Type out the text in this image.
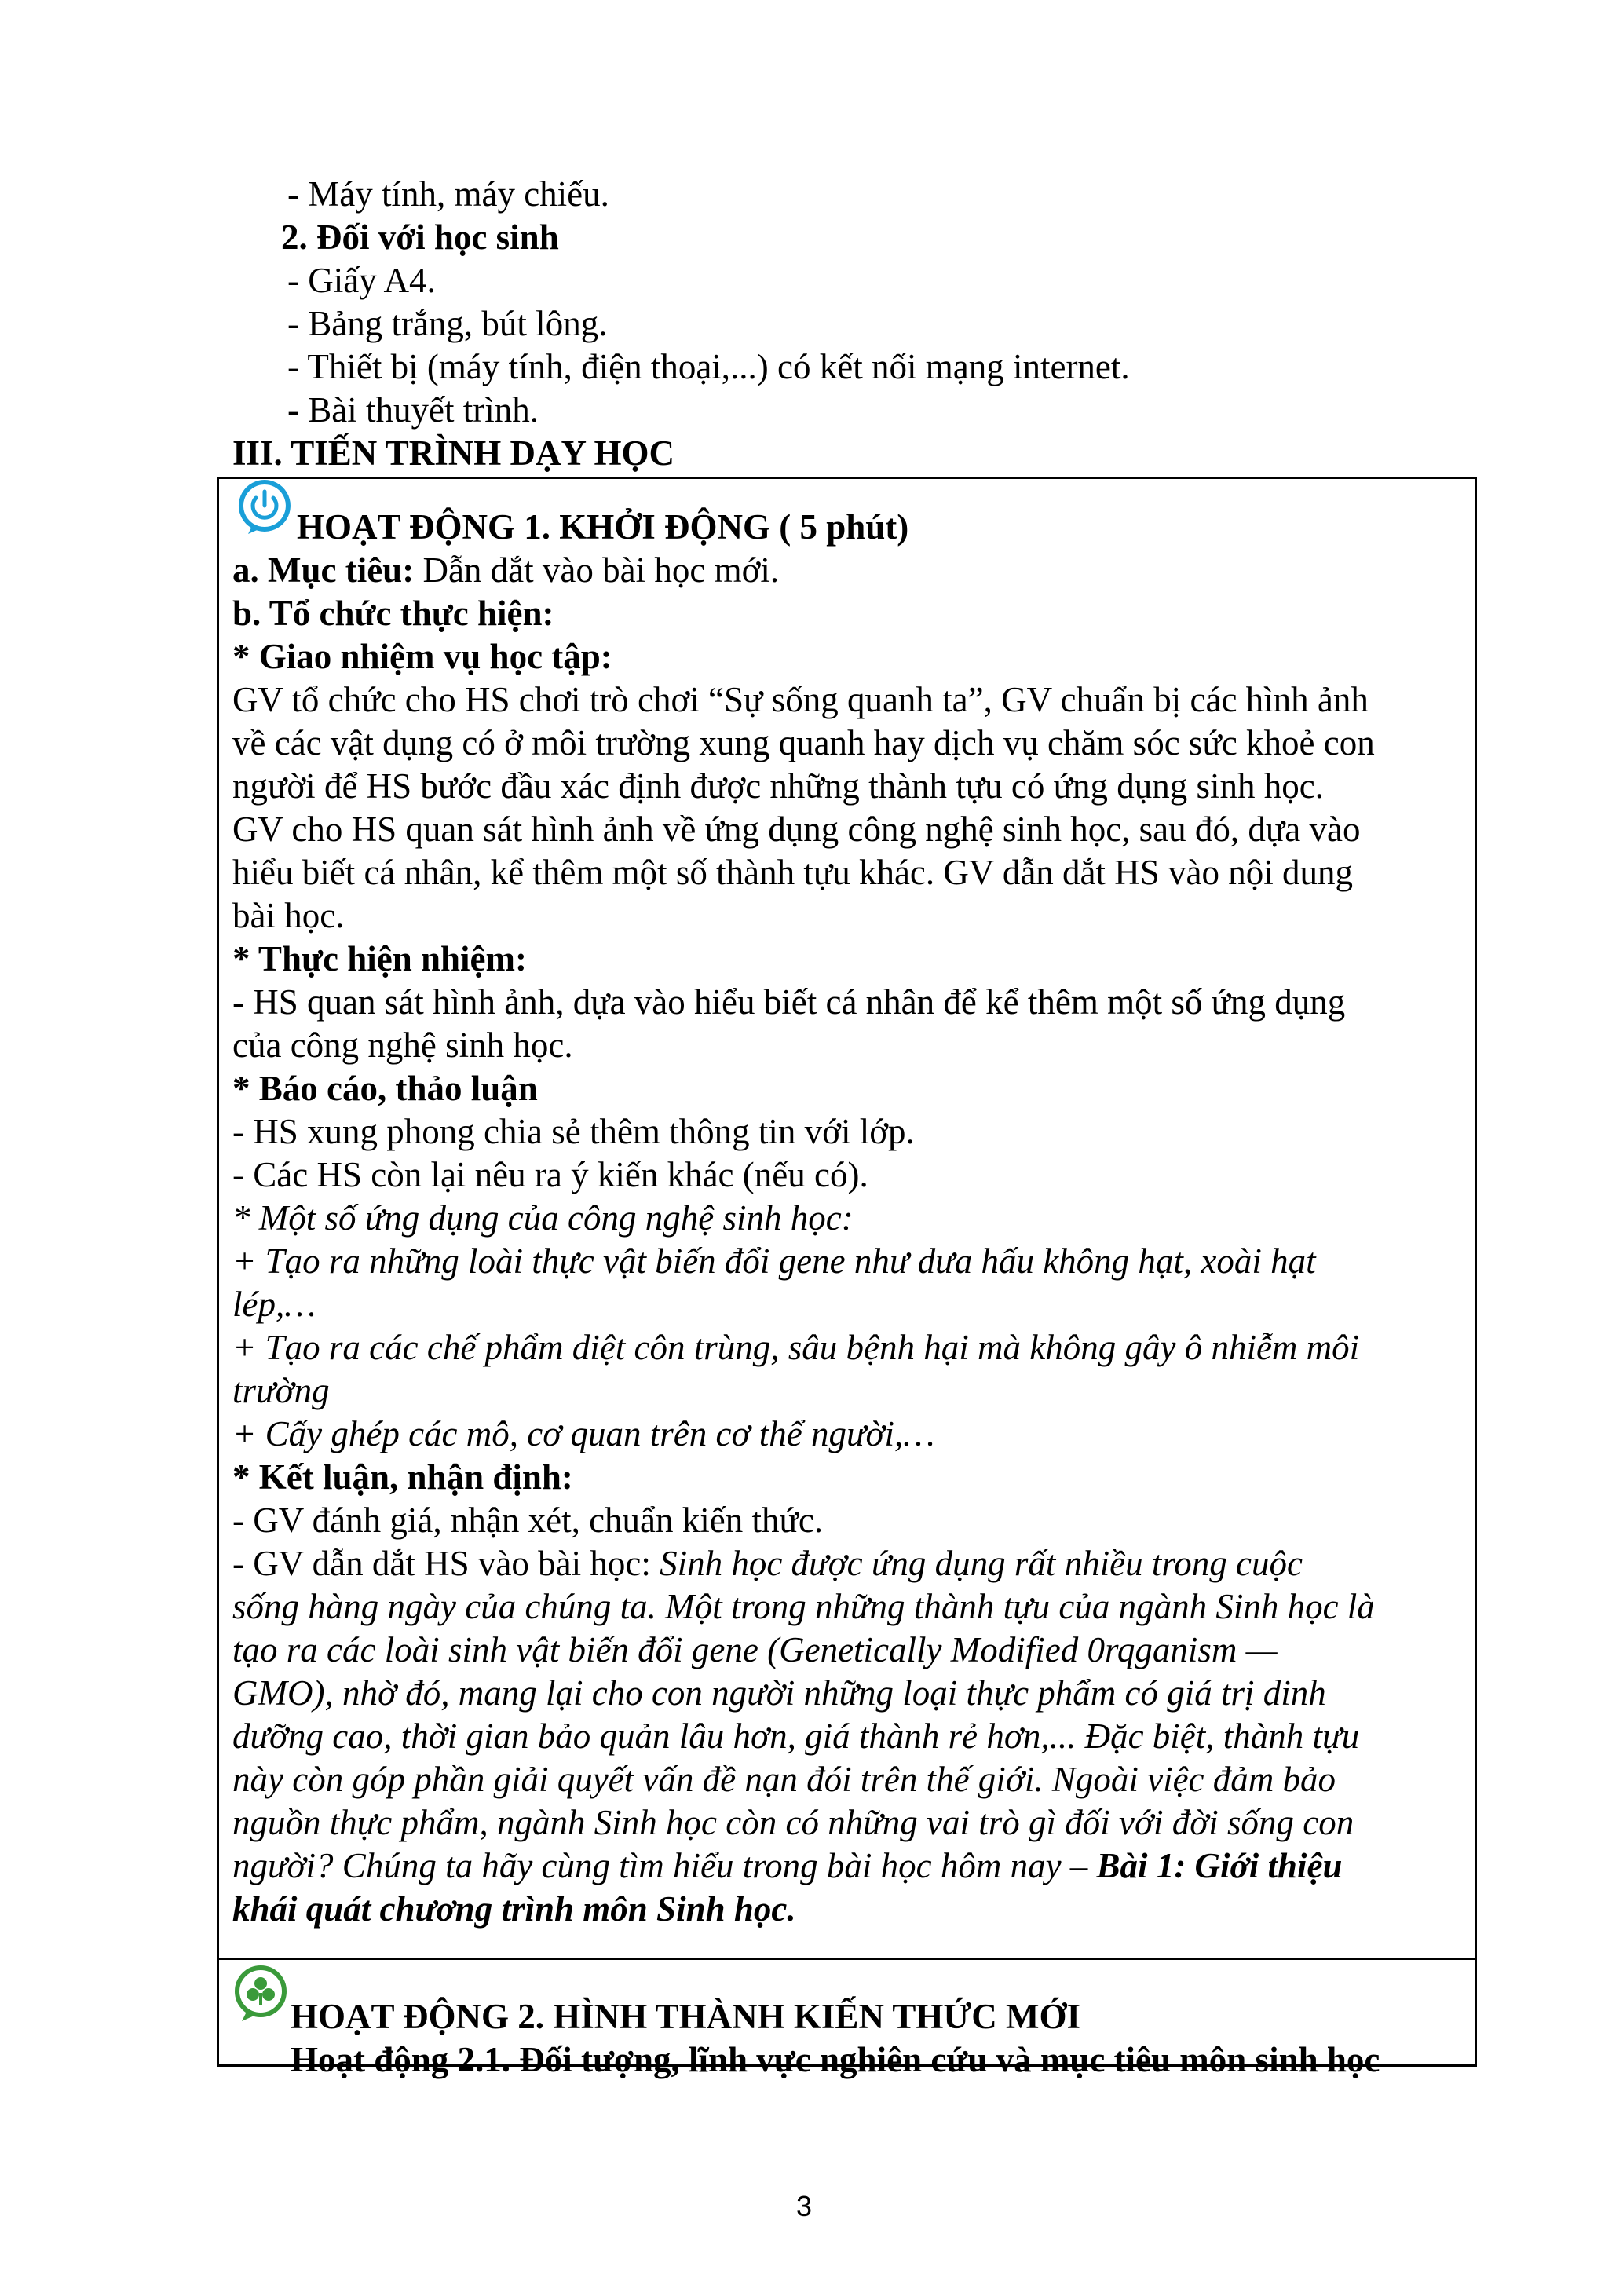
- Máy tính, máy chiếu.
2. Đối với học sinh
- Giấy A4.
- Bảng trắng, bút lông.
- Thiết bị (máy tính, điện thoại,...) có kết nối mạng internet.
- Bài thuyết trình.
III. TIẾN TRÌNH DẠY HỌC
HOẠT ĐỘNG 1. KHỞI ĐỘNG ( 5 phút)
a. Mục tiêu: Dẫn dắt vào bài học mới.
b. Tổ chức thực hiện:
* Giao nhiệm vụ học tập:
GV tổ chức cho HS chơi trò chơi “Sự sống quanh ta”, GV chuẩn bị các hình ảnh
về các vật dụng có ở môi trường xung quanh hay dịch vụ chăm sóc sức khoẻ con
người để HS bước đầu xác định được những thành tựu có ứng dụng sinh học.
GV cho HS quan sát hình ảnh về ứng dụng công nghệ sinh học, sau đó, dựa vào
hiểu biết cá nhân, kể thêm một số thành tựu khác. GV dẫn dắt HS vào nội dung
bài học.
* Thực hiện nhiệm:
- HS quan sát hình ảnh, dựa vào hiểu biết cá nhân để kể thêm một số ứng dụng
của công nghệ sinh học.
* Báo cáo, thảo luận
- HS xung phong chia sẻ thêm thông tin với lớp.
- Các HS còn lại nêu ra ý kiến khác (nếu có).
* Một số ứng dụng của công nghệ sinh học:
+ Tạo ra những loài thực vật biến đổi gene như dưa hấu không hạt, xoài hạt
lép,…
+ Tạo ra các chế phẩm diệt côn trùng, sâu bệnh hại mà không gây ô nhiễm môi
trường
+ Cấy ghép các mô, cơ quan trên cơ thể người,…
* Kết luận, nhận định:
- GV đánh giá, nhận xét, chuẩn kiến thức.
- GV dẫn dắt HS vào bài học: Sinh học được ứng dụng rất nhiều trong cuộc
sống hàng ngày của chúng ta. Một trong những thành tựu của ngành Sinh học là
tạo ra các loài sinh vật biến đổi gene (Genetically Modified 0rqganism —
GMO), nhờ đó, mang lại cho con người những loại thực phẩm có giá trị dinh
dưỡng cao, thời gian bảo quản lâu hơn, giá thành rẻ hơn,... Đặc biệt, thành tựu
này còn góp phần giải quyết vấn đề nạn đói trên thế giới. Ngoài việc đảm bảo
nguồn thực phẩm, ngành Sinh học còn có những vai trò gì đối với đời sống con
người? Chúng ta hãy cùng tìm hiểu trong bài học hôm nay – Bài 1: Giới thiệu
khái quát chương trình môn Sinh học.
HOẠT ĐỘNG 2. HÌNH THÀNH KIẾN THỨC MỚI
Hoạt động 2.1. Đối tượng, lĩnh vực nghiên cứu và mục tiêu môn sinh học
3
